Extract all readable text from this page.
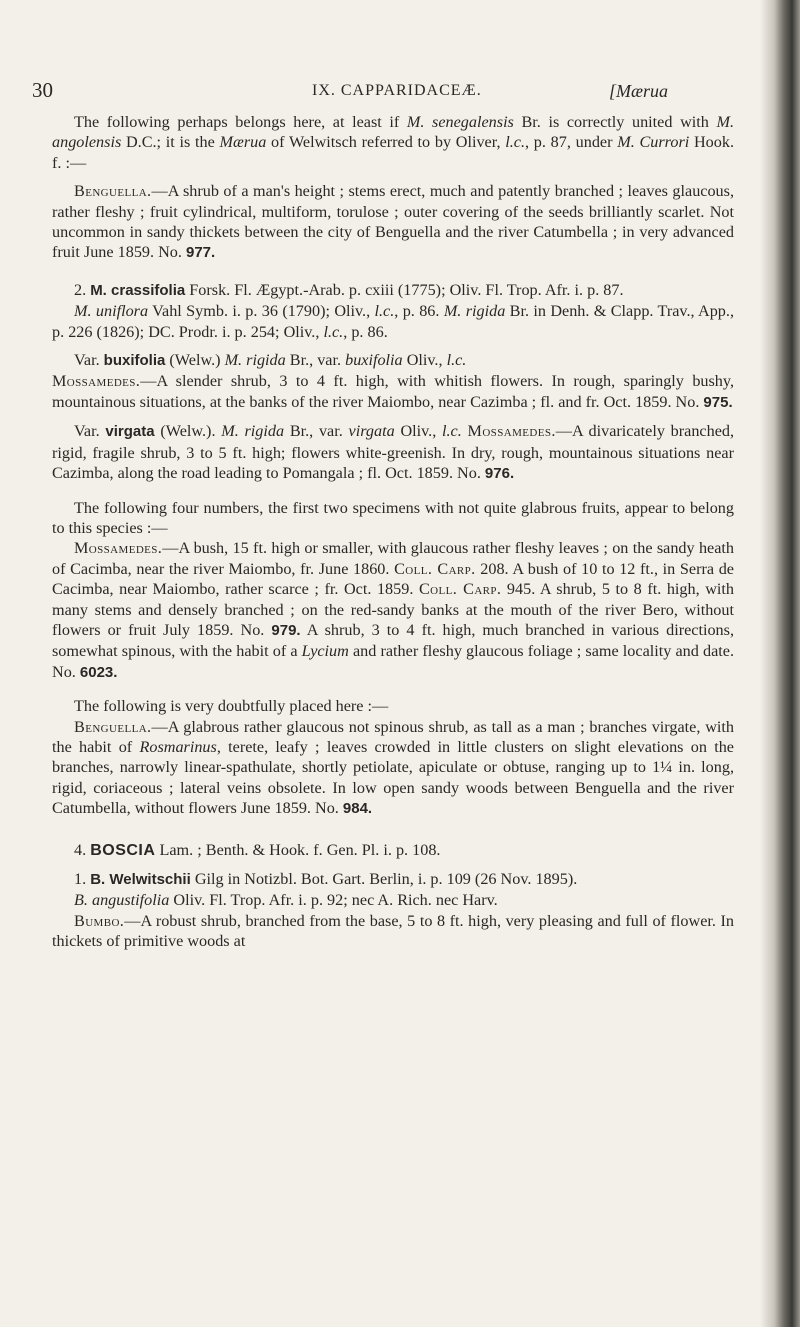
30	IX. CAPPARIDACEÆ.	[Mærua

The following perhaps belongs here, at least if M. senegalensis Br. is correctly united with M. angolensis D.C.; it is the Mærua of Welwitsch referred to by Oliver, l.c., p. 87, under M. Currori Hook. f. :—

Benguella.—A shrub of a man's height ; stems erect, much and patently branched ; leaves glaucous, rather fleshy ; fruit cylindrical, multiform, torulose ; outer covering of the seeds brilliantly scarlet. Not uncommon in sandy thickets between the city of Benguella and the river Catumbella ; in very advanced fruit June 1859. No. 977.

2. M. crassifolia Forsk. Fl. Ægypt.-Arab. p. cxiii (1775); Oliv. Fl. Trop. Afr. i. p. 87.

M. uniflora Vahl Symb. i. p. 36 (1790); Oliv., l.c., p. 86. M. rigida Br. in Denh. & Clapp. Trav., App., p. 226 (1826); DC. Prodr. i. p. 254; Oliv., l.c., p. 86.

Var. buxifolia (Welw.) M. rigida Br., var. buxifolia Oliv., l.c.
Mossamedes.—A slender shrub, 3 to 4 ft. high, with whitish flowers. In rough, sparingly bushy, mountainous situations, at the banks of the river Maiombo, near Cazimba ; fl. and fr. Oct. 1859. No. 975.

Var. virgata (Welw.). M. rigida Br., var. virgata Oliv., l.c. Mossamedes.—A divaricately branched, rigid, fragile shrub, 3 to 5 ft. high; flowers white-greenish. In dry, rough, mountainous situations near Cazimba, along the road leading to Pomangala ; fl. Oct. 1859. No. 976.

The following four numbers, the first two specimens with not quite glabrous fruits, appear to belong to this species :—

Mossamedes.—A bush, 15 ft. high or smaller, with glaucous rather fleshy leaves ; on the sandy heath of Cacimba, near the river Maiombo, fr. June 1860. Coll. Carp. 208. A bush of 10 to 12 ft., in Serra de Cacimba, near Maiombo, rather scarce ; fr. Oct. 1859. Coll. Carp. 945. A shrub, 5 to 8 ft. high, with many stems and densely branched ; on the red-sandy banks at the mouth of the river Bero, without flowers or fruit July 1859. No. 979. A shrub, 3 to 4 ft. high, much branched in various directions, somewhat spinous, with the habit of a Lycium and rather fleshy glaucous foliage ; same locality and date. No. 6023.

The following is very doubtfully placed here :—

Benguella.—A glabrous rather glaucous not spinous shrub, as tall as a man ; branches virgate, with the habit of Rosmarinus, terete, leafy ; leaves crowded in little clusters on slight elevations on the branches, narrowly linear-spathulate, shortly petiolate, apiculate or obtuse, ranging up to 1¼ in. long, rigid, coriaceous ; lateral veins obsolete. In low open sandy woods between Benguella and the river Catumbella, without flowers June 1859. No. 984.

4. BOSCIA Lam. ; Benth. & Hook. f. Gen. Pl. i. p. 108.

1. B. Welwitschii Gilg in Notizbl. Bot. Gart. Berlin, i. p. 109 (26 Nov. 1895).

B. angustifolia Oliv. Fl. Trop. Afr. i. p. 92; nec A. Rich. nec Harv.

Bumbo.—A robust shrub, branched from the base, 5 to 8 ft. high, very pleasing and full of flower. In thickets of primitive woods at
